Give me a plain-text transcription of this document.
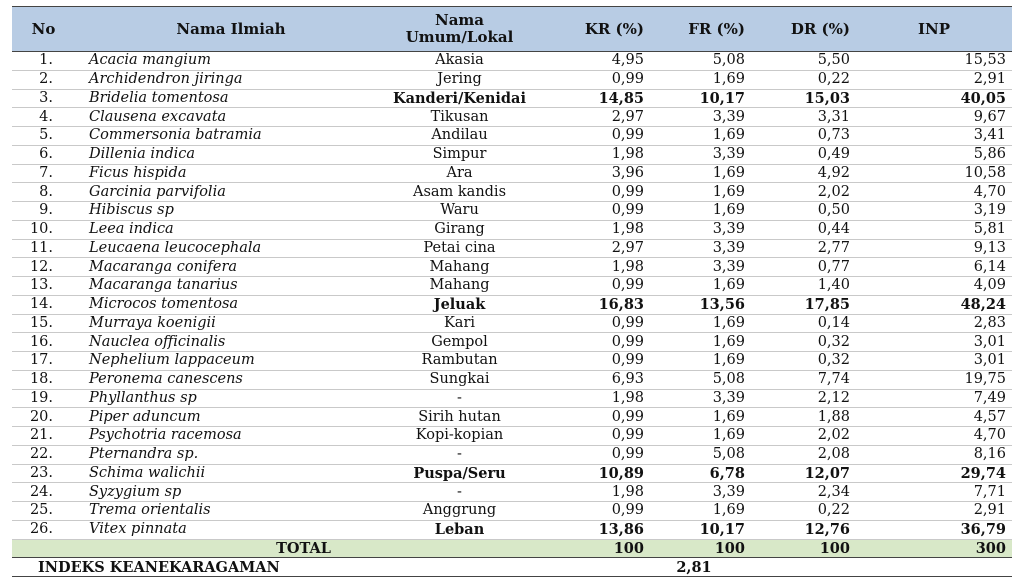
No	Nama Ilmiah	Nama
Umum/Lokal	KR (%)	FR (%)	DR (%)	INP
1.	Acacia mangium	Akasia	4,95	5,08	5,50	15,53
2.	Archidendron jiringa	Jering	0,99	1,69	0,22	2,91
3.	Bridelia tomentosa	Kanderi/Kenidai	14,85	10,17	15,03	40,05
4.	Clausena excavata	Tikusan	2,97	3,39	3,31	9,67
5.	Commersonia batramia	Andilau	0,99	1,69	0,73	3,41
6.	Dillenia indica	Simpur	1,98	3,39	0,49	5,86
7.	Ficus hispida	Ara	3,96	1,69	4,92	10,58
8.	Garcinia parvifolia	Asam kandis	0,99	1,69	2,02	4,70
9.	Hibiscus sp	Waru	0,99	1,69	0,50	3,19
10.	Leea indica	Girang	1,98	3,39	0,44	5,81
11.	Leucaena leucocephala	Petai cina	2,97	3,39	2,77	9,13
12.	Macaranga conifera	Mahang	1,98	3,39	0,77	6,14
13.	Macaranga tanarius	Mahang	0,99	1,69	1,40	4,09
14.	Microcos tomentosa	Jeluak	16,83	13,56	17,85	48,24
15.	Murraya koenigii	Kari	0,99	1,69	0,14	2,83
16.	Nauclea officinalis	Gempol	0,99	1,69	0,32	3,01
17.	Nephelium lappaceum	Rambutan	0,99	1,69	0,32	3,01
18.	Peronema canescens	Sungkai	6,93	5,08	7,74	19,75
19.	Phyllanthus sp	-	1,98	3,39	2,12	7,49
20.	Piper aduncum	Sirih hutan	0,99	1,69	1,88	4,57
21.	Psychotria racemosa	Kopi-kopian	0,99	1,69	2,02	4,70
22.	Pternandra sp.	-	0,99	5,08	2,08	8,16
23.	Schima walichii	Puspa/Seru	10,89	6,78	12,07	29,74
24.	Syzygium sp	-	1,98	3,39	2,34	7,71
25.	Trema orientalis	Anggrung	0,99	1,69	0,22	2,91
26.	Vitex pinnata	Leban	13,86	10,17	12,76	36,79
	TOTAL		100	100	100	300
INDEKS KEANEKARAGAMAN			2,81			
